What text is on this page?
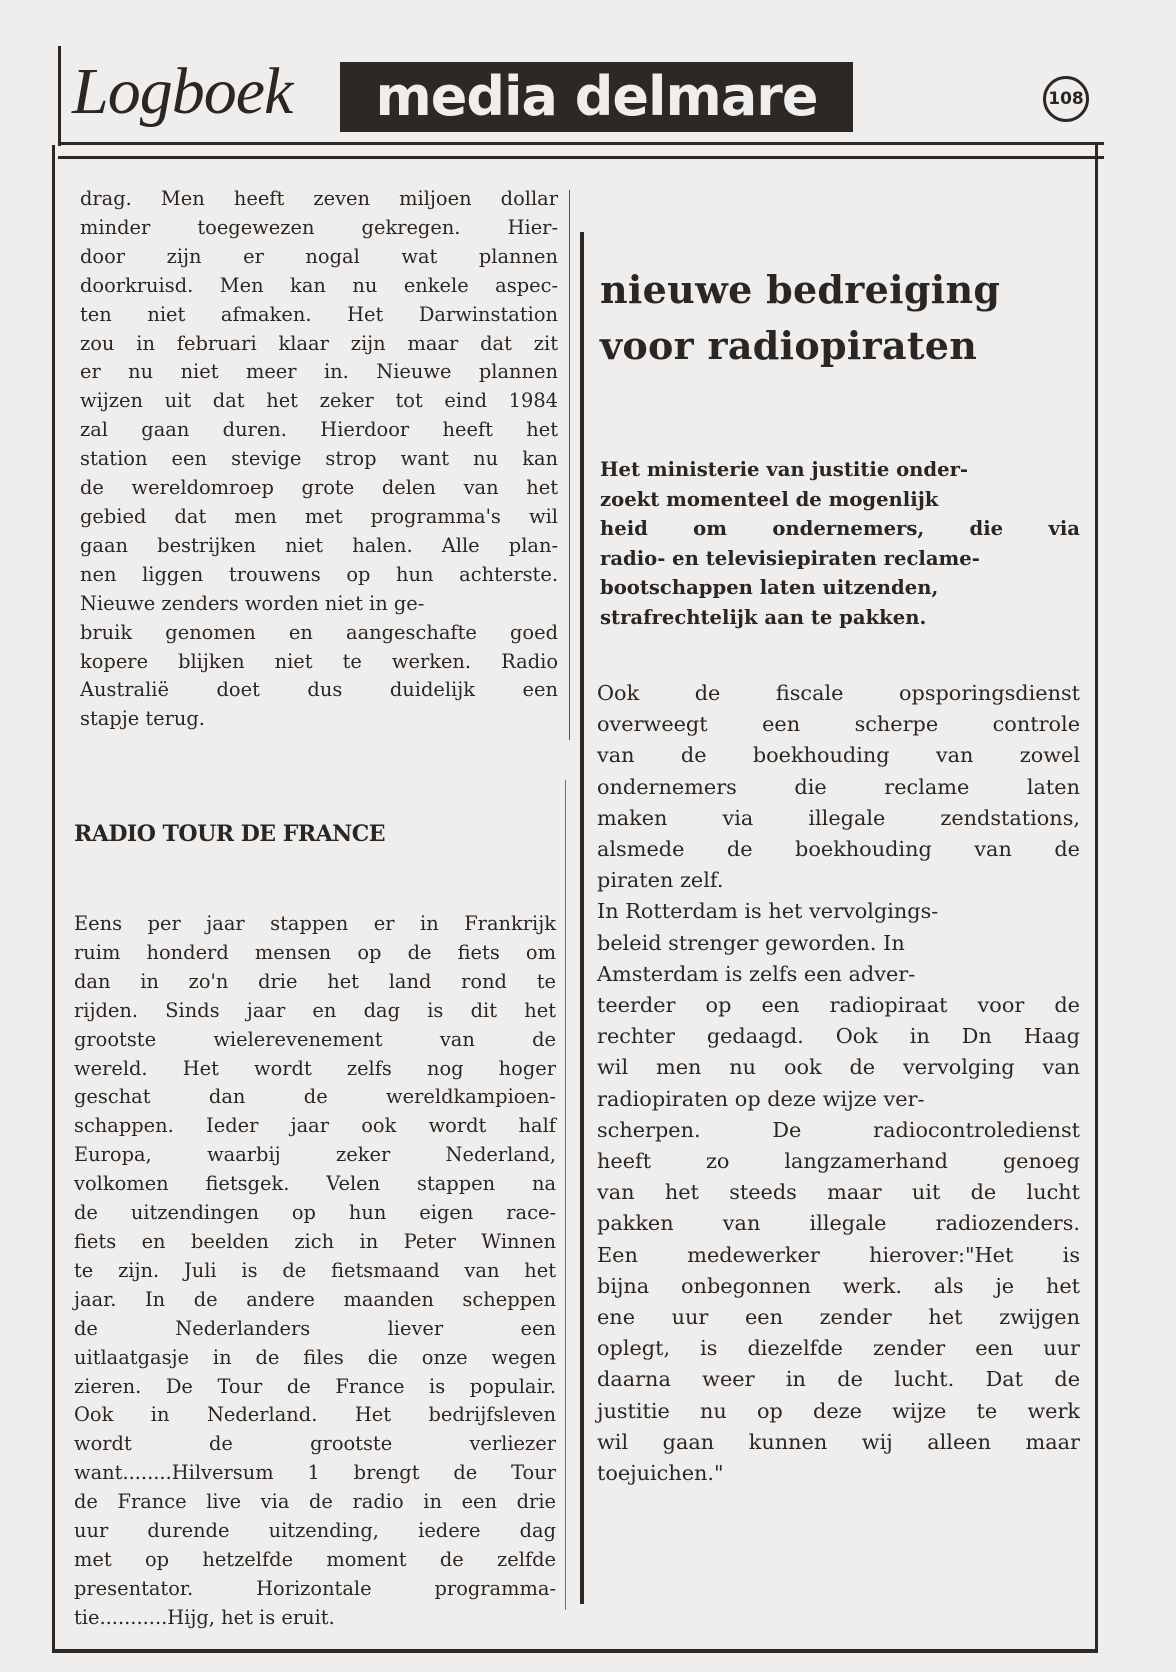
Logboek media delmare	108
drag. Men heeft zeven miljoen dollar
minder toegewezen gekregen. Hier-
door zijn er nogal wat plannen
doorkruisd. Men kan nu enkele aspec-
ten niet afmaken. Het Darwinstation
zou in februari klaar zijn maar dat zit
er nu niet meer in. Nieuwe plannen
wijzen uit dat het zeker tot eind 1984
zal gaan duren. Hierdoor heeft het
station een stevige strop want nu kan
de wereldomroep grote delen van het
gebied dat men met programma's wil
gaan bestrijken niet halen. Alle plan-
nen liggen trouwens op hun achterste.
Nieuwe zenders worden niet in ge-
bruik genomen en aangeschafte goed
kopere blijken niet te werken. Radio
Australië doet dus duidelijk een
stapje terug.
RADIO TOUR DE FRANCE
Eens per jaar stappen er in Frankrijk
ruim honderd mensen op de fiets om
dan in zo'n drie het land rond te
rijden. Sinds jaar en dag is dit het
grootste wielerevenement van de
wereld. Het wordt zelfs nog hoger
geschat dan de wereldkampioen-
schappen. Ieder jaar ook wordt half
Europa, waarbij zeker Nederland,
volkomen fietsgek. Velen stappen na
de uitzendingen op hun eigen race-
fiets en beelden zich in Peter Winnen
te zijn. Juli is de fietsmaand van het
jaar. In de andere maanden scheppen
de Nederlanders liever een
uitlaatgasje in de files die onze wegen
zieren. De Tour de France is populair.
Ook in Nederland. Het bedrijfsleven
wordt de grootste verliezer
want........Hilversum 1 brengt de Tour
de France live via de radio in een drie
uur durende uitzending, iedere dag
met op hetzelfde moment de zelfde
presentator. Horizontale programma-
tie...........Hijg, het is eruit.
nieuwe bedreiging
voor radiopiraten
Het ministerie van justitie onder-
zoekt momenteel de mogenlijk
heid om ondernemers, die via
radio- en televisiepiraten reclame-
bootschappen laten uitzenden,
strafrechtelijk aan te pakken.
Ook de fiscale opsporingsdienst
overweegt een scherpe controle
van de boekhouding van zowel
ondernemers die reclame laten
maken via illegale zendstations,
alsmede de boekhouding van de
piraten zelf.
In Rotterdam is het vervolgings-
beleid strenger geworden. In
Amsterdam is zelfs een adver-
teerder op een radiopiraat voor de
rechter gedaagd. Ook in Dn Haag
wil men nu ook de vervolging van
radiopiraten op deze wijze ver-
scherpen. De radiocontroledienst
heeft zo langzamerhand genoeg
van het steeds maar uit de lucht
pakken van illegale radiozenders.
Een medewerker hierover:"Het is
bijna onbegonnen werk. als je het
ene uur een zender het zwijgen
oplegt, is diezelfde zender een uur
daarna weer in de lucht. Dat de
justitie nu op deze wijze te werk
wil gaan kunnen wij alleen maar
toejuichen."
